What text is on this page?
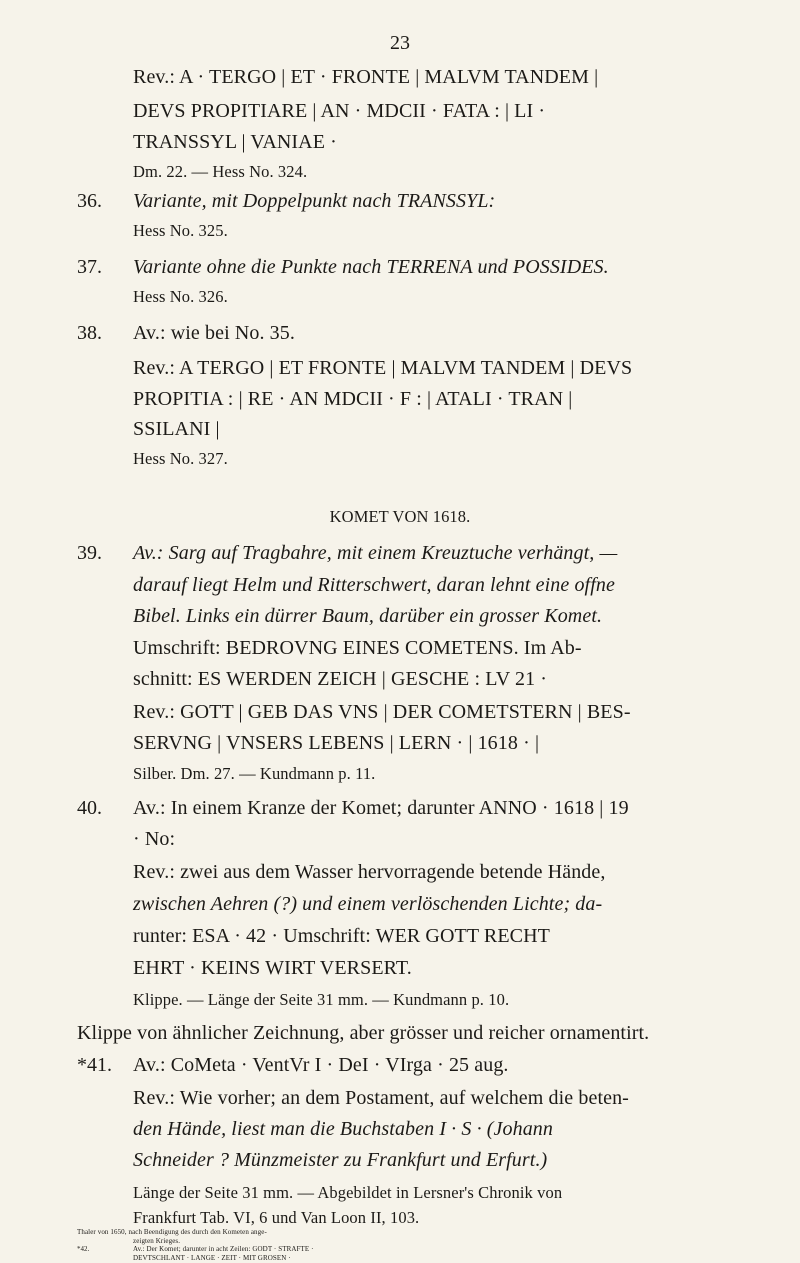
23
Rev.: A · TERGO | ET · FRONTE | MALVM TANDEM |
DEVS PROPITIARE | AN · MDCII · FATA : | LI ·
TRANSSYL | VANIAE ·
Dm. 22. — Hess No. 324.
36. Variante, mit Doppelpunkt nach TRANSSYL:
Hess No. 325.
37. Variante ohne die Punkte nach TERRENA und POSSIDES.
Hess No. 326.
38. Av.: wie bei No. 35.
Rev.: A TERGO | ET FRONTE | MALVM TANDEM | DEVS
PROPITIA : | RE · AN MDCII · F : | ATALI · TRAN |
SSILANI |
Hess No. 327.
KOMET VON 1618.
39. Av.: Sarg auf Tragbahre, mit einem Kreuztuche verhängt, —
darauf liegt Helm und Ritterschwert, daran lehnt eine offne
Bibel. Links ein dürrer Baum, darüber ein grosser Komet.
Umschrift: BEDROVNG EINES COMETENS. Im Ab-
schnitt: ES WERDEN ZEICH | GESCHE : LV 21 ·
Rev.: GOTT | GEB DAS VNS | DER COMETSTERN | BES-
SERVNG | VNSERS LEBENS | LERN · | 1618 · |
Silber. Dm. 27. — Kundmann p. 11.
40. Av.: In einem Kranze der Komet; darunter ANNO · 1618 | 19
· No:
Rev.: zwei aus dem Wasser hervorragende betende Hände,
zwischen Aehren (?) und einem verlöschenden Lichte; da-
runter: ESA · 42 · Umschrift: WER GOTT RECHT
EHRT · KEINS WIRT VERSERT.
Klippe. — Länge der Seite 31 mm. — Kundmann p. 10.
Klippe von ähnlicher Zeichnung, aber grösser und reicher ornamentirt.
*41. Av.: CoMeta · VentVr I · DeI · VIrga · 25 aug.
Rev.: Wie vorher; an dem Postament, auf welchem die beten-
den Hände, liest man die Buchstaben I · S · (Johann
Schneider ? Münzmeister zu Frankfurt und Erfurt.)
Länge der Seite 31 mm. — Abgebildet in Lersner's Chronik von
Frankfurt Tab. VI, 6 und Van Loon II, 103.
Thaler von 1650, nach Beendigung des durch den Kometen ange-
zeigten Krieges.
Av.: Der Komet; darunter in acht Zeilen: GODT · STRAFTE ·
*42.
DEVTSCHLANT · LANGE · ZEIT · MIT GROSEN ·
